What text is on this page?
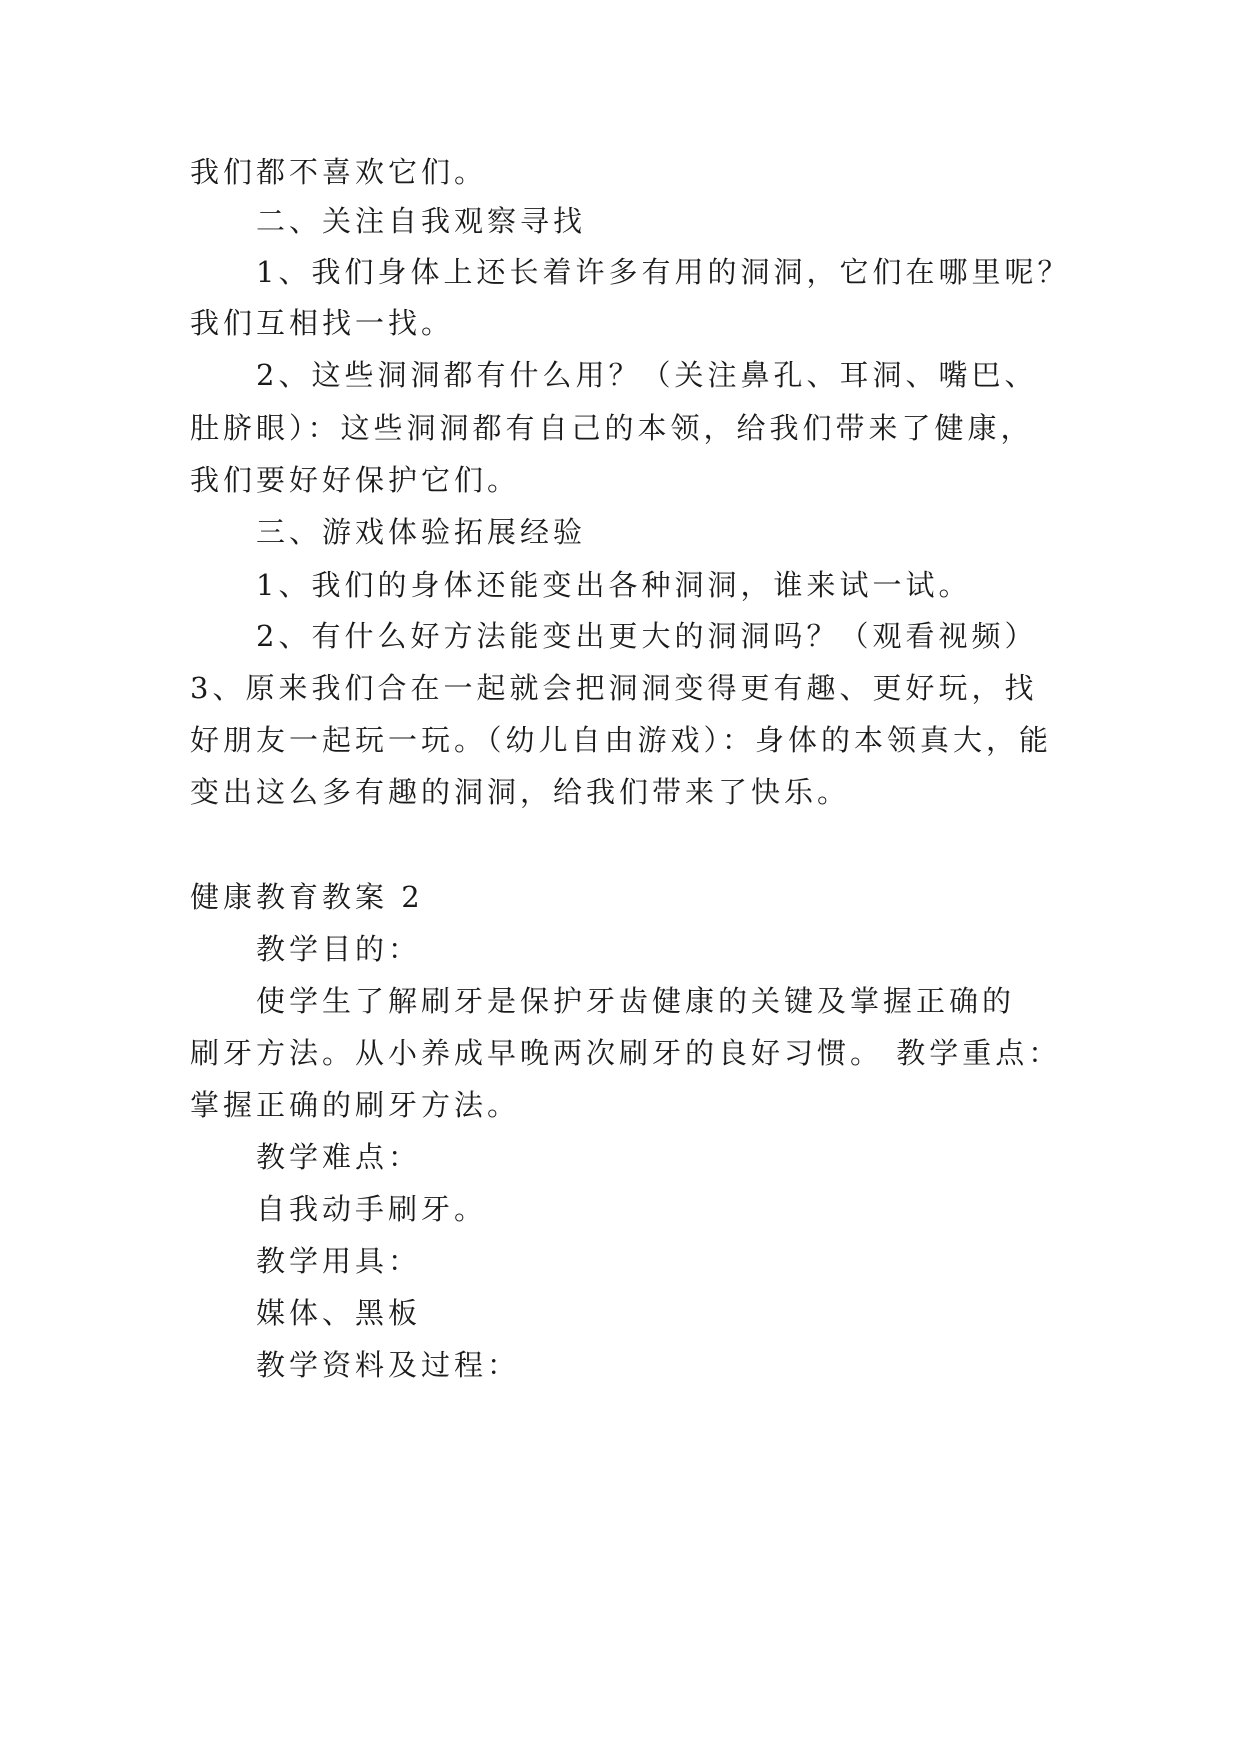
我们都不喜欢它们。
二、关注自我观察寻找
1、我们身体上还长着许多有用的洞洞，它们在哪里呢？
我们互相找一找。
2、这些洞洞都有什么用？（关注鼻孔、耳洞、嘴巴、
肚脐眼）：这些洞洞都有自己的本领，给我们带来了健康，
我们要好好保护它们。
三、游戏体验拓展经验
1、我们的身体还能变出各种洞洞，谁来试一试。
2、有什么好方法能变出更大的洞洞吗？（观看视频）
3、原来我们合在一起就会把洞洞变得更有趣、更好玩，找
好朋友一起玩一玩。（幼儿自由游戏）：身体的本领真大，能
变出这么多有趣的洞洞，给我们带来了快乐。
健康教育教案 2
教学目的：
使学生了解刷牙是保护牙齿健康的关键及掌握正确的
刷牙方法。从小养成早晚两次刷牙的良好习惯。 教学重点：
掌握正确的刷牙方法。
教学难点：
自我动手刷牙。
教学用具：
媒体、黑板
教学资料及过程：
